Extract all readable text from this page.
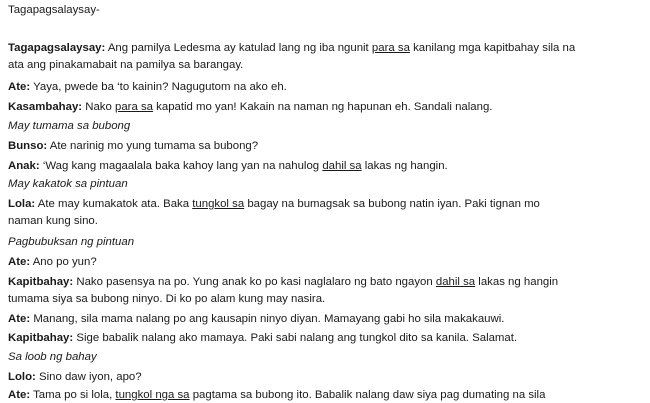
Tagapagsalaysay-
Tagapagsalaysay: Ang pamilya Ledesma ay katulad lang ng iba ngunit para sa kanilang mga kapitbahay sila na
ata ang pinakamabait na pamilya sa barangay.
Ate: Yaya, pwede ba ‘to kainin? Nagugutom na ako eh.
Kasambahay: Nako para sa kapatid mo yan! Kakain na naman ng hapunan eh. Sandali nalang.
May tumama sa bubong
Bunso: Ate narinig mo yung tumama sa bubong?
Anak: ‘Wag kang magaalala baka kahoy lang yan na nahulog dahil sa lakas ng hangin.
May kakatok sa pintuan
Lola: Ate may kumakatok ata. Baka tungkol sa bagay na bumagsak sa bubong natin iyan. Paki tignan mo
naman kung sino.
Pagbubuksan ng pintuan
Ate: Ano po yun?
Kapitbahay: Nako pasensya na po. Yung anak ko po kasi naglalaro ng bato ngayon dahil sa lakas ng hangin
tumama siya sa bubong ninyo. Di ko po alam kung may nasira.
Ate: Manang, sila mama nalang po ang kausapin ninyo diyan. Mamayang gabi ho sila makakauwi.
Kapitbahay: Sige babalik nalang ako mamaya. Paki sabi nalang ang tungkol dito sa kanila. Salamat.
Sa loob ng bahay
Lolo: Sino daw iyon, apo?
Ate: Tama po si lola, tungkol nga sa pagtama sa bubong ito. Babalik nalang daw siya pag dumating na sila
